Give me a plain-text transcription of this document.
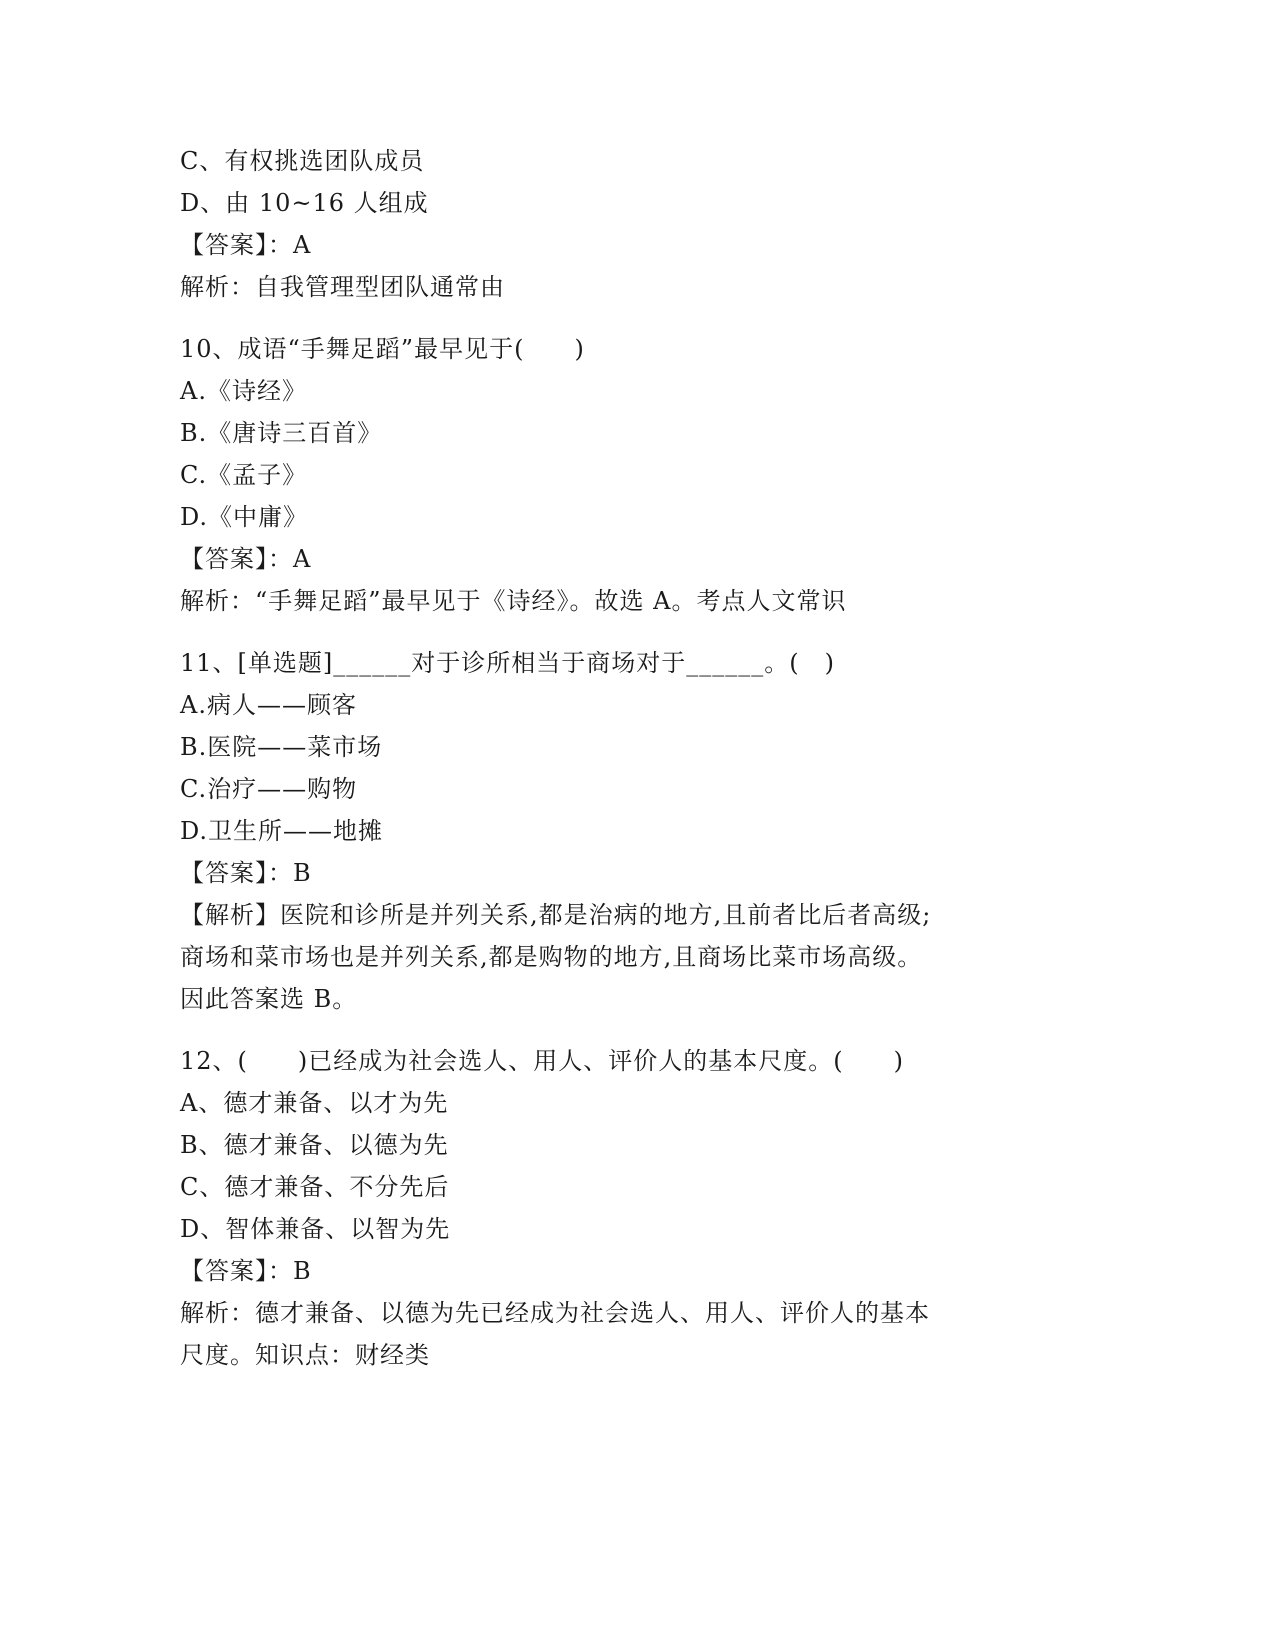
C、有权挑选团队成员
D、由 10~16 人组成
【答案】：A
解析：自我管理型团队通常由
10、成语“手舞足蹈”最早见于(　　)
A.《诗经》
B.《唐诗三百首》
C.《孟子》
D.《中庸》
【答案】：A
解析：“手舞足蹈”最早见于《诗经》。故选 A。考点人文常识
11、[单选题]______对于诊所相当于商场对于______。(　)
A.病人——顾客
B.医院——菜市场
C.治疗——购物
D.卫生所——地摊
【答案】：B
【解析】医院和诊所是并列关系,都是治病的地方,且前者比后者高级;
商场和菜市场也是并列关系,都是购物的地方,且商场比菜市场高级。
因此答案选 B。
12、(　　)已经成为社会选人、用人、评价人的基本尺度。(　　)
A、德才兼备、以才为先
B、德才兼备、以德为先
C、德才兼备、不分先后
D、智体兼备、以智为先
【答案】：B
解析：德才兼备、以德为先已经成为社会选人、用人、评价人的基本
尺度。知识点：财经类
